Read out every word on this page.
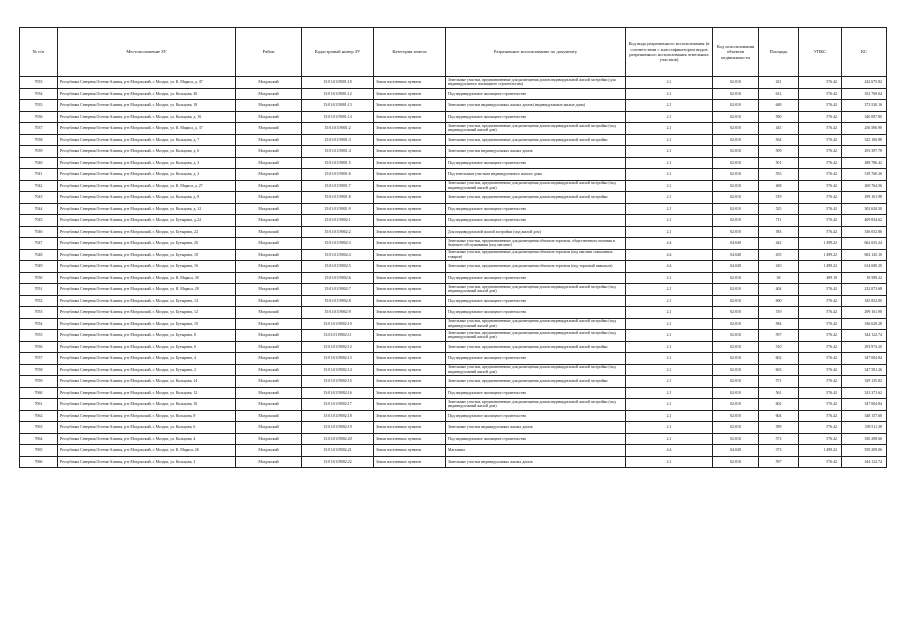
№ п/п	Местоположение ЗУ	Район	Кадастровый номер ЗУ	Категория земель	Разрешенное использование по документу	Код вида разрешенного использования (в соответствии с классификатором видов разрешенного использования земельных участков)	Код использования объектов недвижимости	Площадь	УПКС	КС
7033	Республика Северная Осетия-Алания, р-н Моздокский, г. Моздок, ул. К. Маркса, д. 47	Моздокский	15:01:0119001:10	Земли населенных пунктов	Земельные участки, предназначенные для размещения домов индивидуальной жилой застройки (для индивидуального жилищного строительства)	2.1	02:010	421	576.42	242 675.82
7034	Республика Северная Осетия-Алания, р-н Моздокский, г. Моздок, ул. Кольцова, 20	Моздокский	15:01:0119001:12	Земли населенных пунктов	Под индивидуальное жилищное строительство	2.1	02:010	612	576.42	352 769.04
7035	Республика Северная Осетия-Алания, р-н Моздокский, г. Моздок, ул. Кольцова, 18	Моздокский	15:01:0119001:13	Земли населенных пунктов	Земельные участки индивидуальных жилых домов (индивидуальные жилые дома)	2.1	02:010	648	576.42	373 520.16
7036	Республика Северная Осетия-Алания, р-н Моздокский, г. Моздок, ул. Кольцова, д. 16	Моздокский	15:01:0119001:14	Земли населенных пунктов	Под индивидуальное жилищное строительство	2.1	02:010	590	576.42	340 087.80
7037	Республика Северная Осетия-Алания, р-н Моздокский, г. Моздок, ул. К. Маркса, д. 37	Моздокский	15:01:0119001:2	Земли населенных пунктов	Земельные участки, предназначенные для размещения домов индивидуальной жилой застройки (под индивидуальный жилой дом)	2.1	02:010	445	576.42	256 506.90
7038	Республика Северная Осетия-Алания, р-н Моздокский, г. Моздок, ул. Кольцова, д. 7	Моздокский	15:01:0119001:3	Земли населенных пунктов	Земельные участки, предназначенные для размещения домов индивидуальной жилой застройки	2.1	02:010	564	576.42	325 100.88
7039	Республика Северная Осетия-Алания, р-н Моздокский, г. Моздок, ул. Кольцова, д. 6	Моздокский	15:01:0119001:4	Земли населенных пунктов	Земельные участки индивидуальных жилых домов	2.1	02:010	509	576.42	293 397.78
7040	Республика Северная Осетия-Алания, р-н Моздокский, г. Моздок, ул. Кольцова, д. 3	Моздокский	15:01:0119001:5	Земли населенных пунктов	Под индивидуальное жилищное строительство	2.1	02:010	501	576.42	288 786.42
7041	Республика Северная Осетия-Алания, р-н Моздокский, г. Моздок, ул. Кольцова, д. 2	Моздокский	15:01:0119001:6	Земли населенных пунктов	Под земельным участком индивидуального жилого дома	2.1	02:010	553	576.42	318 760.26
7042	Республика Северная Осетия-Алания, р-н Моздокский, г. Моздок, ул. К. Маркса, д. 27	Моздокский	15:01:0119001:7	Земли населенных пунктов	Земельные участки, предназначенные для размещения домов индивидуальной жилой застройки (под индивидуальный жилой дом)	2.1	02:010	468	576.42	269 764.56
7043	Республика Северная Осетия-Алания, р-н Моздокский, г. Моздок, ул. Кольцова, д. 8	Моздокский	15:01:0119001:8	Земли населенных пунктов	Земельные участки, предназначенные для размещения домов индивидуальной жилой застройки	2.1	02:010	519	576.42	299 161.98
7044	Республика Северная Осетия-Алания, р-н Моздокский, г. Моздок, ул. Кольцова, д. 12	Моздокский	15:01:0119001:9	Земли населенных пунктов	Под индивидуальное жилищное строительство	2.1	02:010	525	576.42	302 620.50
7045	Республика Северная Осетия-Алания, р-н Моздокский, г. Моздок, ул. Бутырина, д.24	Моздокский	15:01:0119002:1	Земли населенных пунктов	Под индивидуальное жилищное строительство	2.1	02:010	711	576.42	409 834.62
7046	Республика Северная Осетия-Алания, р-н Моздокский, г. Моздок, ул. Бутырина, 22	Моздокский	15:01:0119002:2	Земли населенных пунктов	Для индивидуальной жилой застройки (под жилой дом)	2.1	02:010	583	576.42	336 052.86
7047	Республика Северная Осетия-Алания, р-н Моздокский, г. Моздок, ул. Бутырина, 20	Моздокский	15:01:0119002:3	Земли населенных пунктов	Земельные участки, предназначенные для размещения объектов торговли, общественного питания и бытового обслуживания (под магазин)	4.4	04:040	442	1 499.22	662 655.24
7048	Республика Северная Осетия-Алания, р-н Моздокский, г. Моздок, ул. Бутырина, 18	Моздокский	15:01:0119002:4	Земли населенных пунктов	Земельные участки, предназначенные для размещения объектов торговли (под магазин смешанных товаров)	4.4	04:040	455	1 499.22	682 145.10
7049	Республика Северная Осетия-Алания, р-н Моздокский, г. Моздок, ул. Бутырина, 16	Моздокский	15:01:0119002:5	Земли населенных пунктов	Земельные участки, предназначенные для размещения объектов торговли (под торговый павильон)	4.4	04:040	410	1 499.22	614 680.20
7050	Республика Северная Осетия-Алания, р-н Моздокский, г. Моздок, ул. К. Маркса, 30	Моздокский	15:01:0119002:6	Земли населенных пунктов	Под индивидуальное жилищное строительство	2.1	02:010	38	489.19	18 589.22
7051	Республика Северная Осетия-Алания, р-н Моздокский, г. Моздок, ул. К. Маркса, 28	Моздокский	15:01:0119002:7	Земли населенных пунктов	Земельные участки, предназначенные для размещения домов индивидуальной жилой застройки (под индивидуальный жилой дом)	2.1	02:010	404	576.42	232 873.68
7052	Республика Северная Осетия-Алания, р-н Моздокский, г. Моздок, ул. Бутырина, 14	Моздокский	15:01:0119002:8	Земли населенных пунктов	Под индивидуальное жилищное строительство	2.1	02:010	600	576.42	345 852.00
7053	Республика Северная Осетия-Алания, р-н Моздокский, г. Моздок, ул. Бутырина, 12	Моздокский	15:01:0119002:9	Земли населенных пунктов	Под индивидуальное жилищное строительство	2.1	02:010	519	576.42	299 161.98
7054	Республика Северная Осетия-Алания, р-н Моздокский, г. Моздок, ул. Бутырина, 10	Моздокский	15:01:0119002:10	Земли населенных пунктов	Земельные участки, предназначенные для размещения домов индивидуальной жилой застройки (под индивидуальный жилой дом)	2.1	02:010	584	576.42	336 629.28
7055	Республика Северная Осетия-Алания, р-н Моздокский, г. Моздок, ул. Бутырина, 8	Моздокский	15:01:0119002:11	Земли населенных пунктов	Земельные участки, предназначенные для размещения домов индивидуальной жилой застройки (под индивидуальный жилой дом)	2.1	02:010	597	576.42	344 122.74
7056	Республика Северная Осетия-Алания, р-н Моздокский, г. Моздок, ул. Бутырина, 6	Моздокский	15:01:0119002:12	Земли населенных пунктов	Земельные участки, предназначенные для размещения домов индивидуальной жилой застройки	2.1	02:010	510	576.42	293 974.20
7057	Республика Северная Осетия-Алания, р-н Моздокский, г. Моздок, ул. Бутырина, 4	Моздокский	15:01:0119002:13	Земли населенных пунктов	Под индивидуальное жилищное строительство	2.1	02:010	602	576.42	347 004.84
7058	Республика Северная Осетия-Алания, р-н Моздокский, г. Моздок, ул. Бутырина, 2	Моздокский	15:01:0119002:14	Земли населенных пунктов	Земельные участки, предназначенные для размещения домов индивидуальной жилой застройки (под индивидуальный жилой дом)	2.1	02:010	603	576.42	347 581.26
7059	Республика Северная Осетия-Алания, р-н Моздокский, г. Моздок, ул. Кольцова, 14	Моздокский	15:01:0119002:15	Земли населенных пунктов	Земельные участки, предназначенные для размещения домов индивидуальной жилой застройки	2.1	02:010	571	576.42	329 135.82
7060	Республика Северная Осетия-Алания, р-н Моздокский, г. Моздок, ул. Кольцова, 12	Моздокский	15:01:0119002:16	Земли населенных пунктов	Под индивидуальное жилищное строительство	2.1	02:010	561	576.42	323 371.62
7061	Республика Северная Осетия-Алания, р-н Моздокский, г. Моздок, ул. Кольцова, 10	Моздокский	15:01:0119002:17	Земли населенных пунктов	Земельные участки, предназначенные для размещения домов индивидуальной жилой застройки (под индивидуальный жилой дом)	2.1	02:010	602	576.42	347 004.84
7062	Республика Северная Осетия-Алания, р-н Моздокский, г. Моздок, ул. Кольцова, 8	Моздокский	15:01:0119002:18	Земли населенных пунктов	Под индивидуальное жилищное строительство	2.1	02:010	604	576.42	348 157.68
7063	Республика Северная Осетия-Алания, р-н Моздокский, г. Моздок, ул. Кольцова, 6	Моздокский	15:01:0119002:19	Земли населенных пунктов	Земельные участки индивидуальных жилых домов	2.1	02:010	589	576.42	339 511.38
7064	Республика Северная Осетия-Алания, р-н Моздокский, г. Моздок, ул. Кольцова, 4	Моздокский	15:01:0119002:20	Земли населенных пунктов	Под индивидуальное жилищное строительство	2.1	02:010	573	576.42	330 288.66
7065	Республика Северная Осетия-Алания, р-н Моздокский, г. Моздок, ул. К. Маркса, 26	Моздокский	15:01:0119002:21	Земли населенных пунктов	Магазины	4.4	04:040	373	1 499.22	559 209.06
7066	Республика Северная Осетия-Алания, р-н Моздокский, г. Моздок, ул. Кольцова, 2	Моздокский	15:01:0119002:22	Земли населенных пунктов	Земельные участки индивидуальных жилых домов	2.1	02:010	597	576.42	344 122.74
